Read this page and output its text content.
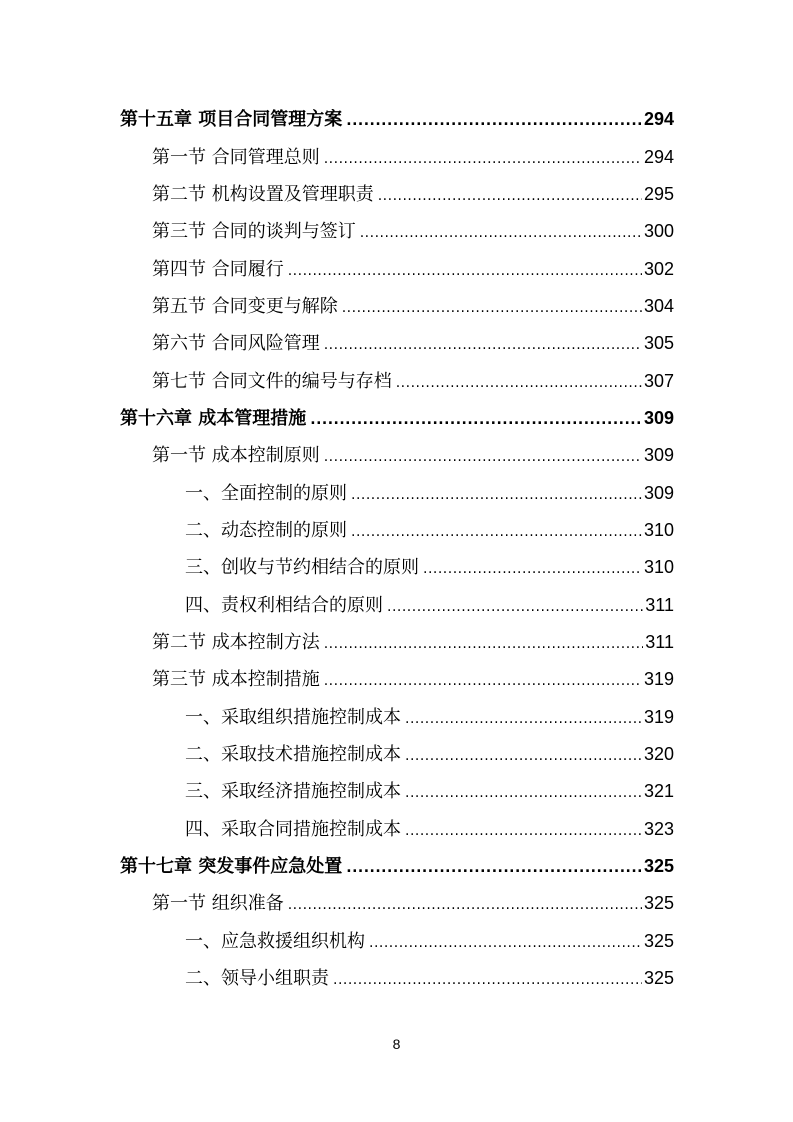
第十五章 项目合同管理方案 .....	294
第一节 合同管理总则 .....	294
第二节 机构设置及管理职责 .....	295
第三节 合同的谈判与签订 .....	300
第四节 合同履行 .....	302
第五节 合同变更与解除 .....	304
第六节 合同风险管理 .....	305
第七节 合同文件的编号与存档 .....	307
第十六章 成本管理措施 .....	309
第一节 成本控制原则 .....	309
一、全面控制的原则 .....	309
二、动态控制的原则 .....	310
三、创收与节约相结合的原则 .....	310
四、责权利相结合的原则 .....	311
第二节 成本控制方法 .....	311
第三节 成本控制措施 .....	319
一、采取组织措施控制成本 .....	319
二、采取技术措施控制成本 .....	320
三、采取经济措施控制成本 .....	321
四、采取合同措施控制成本 .....	323
第十七章 突发事件应急处置 .....	325
第一节 组织准备 .....	325
一、应急救援组织机构 .....	325
二、领导小组职责 .....	325
8
